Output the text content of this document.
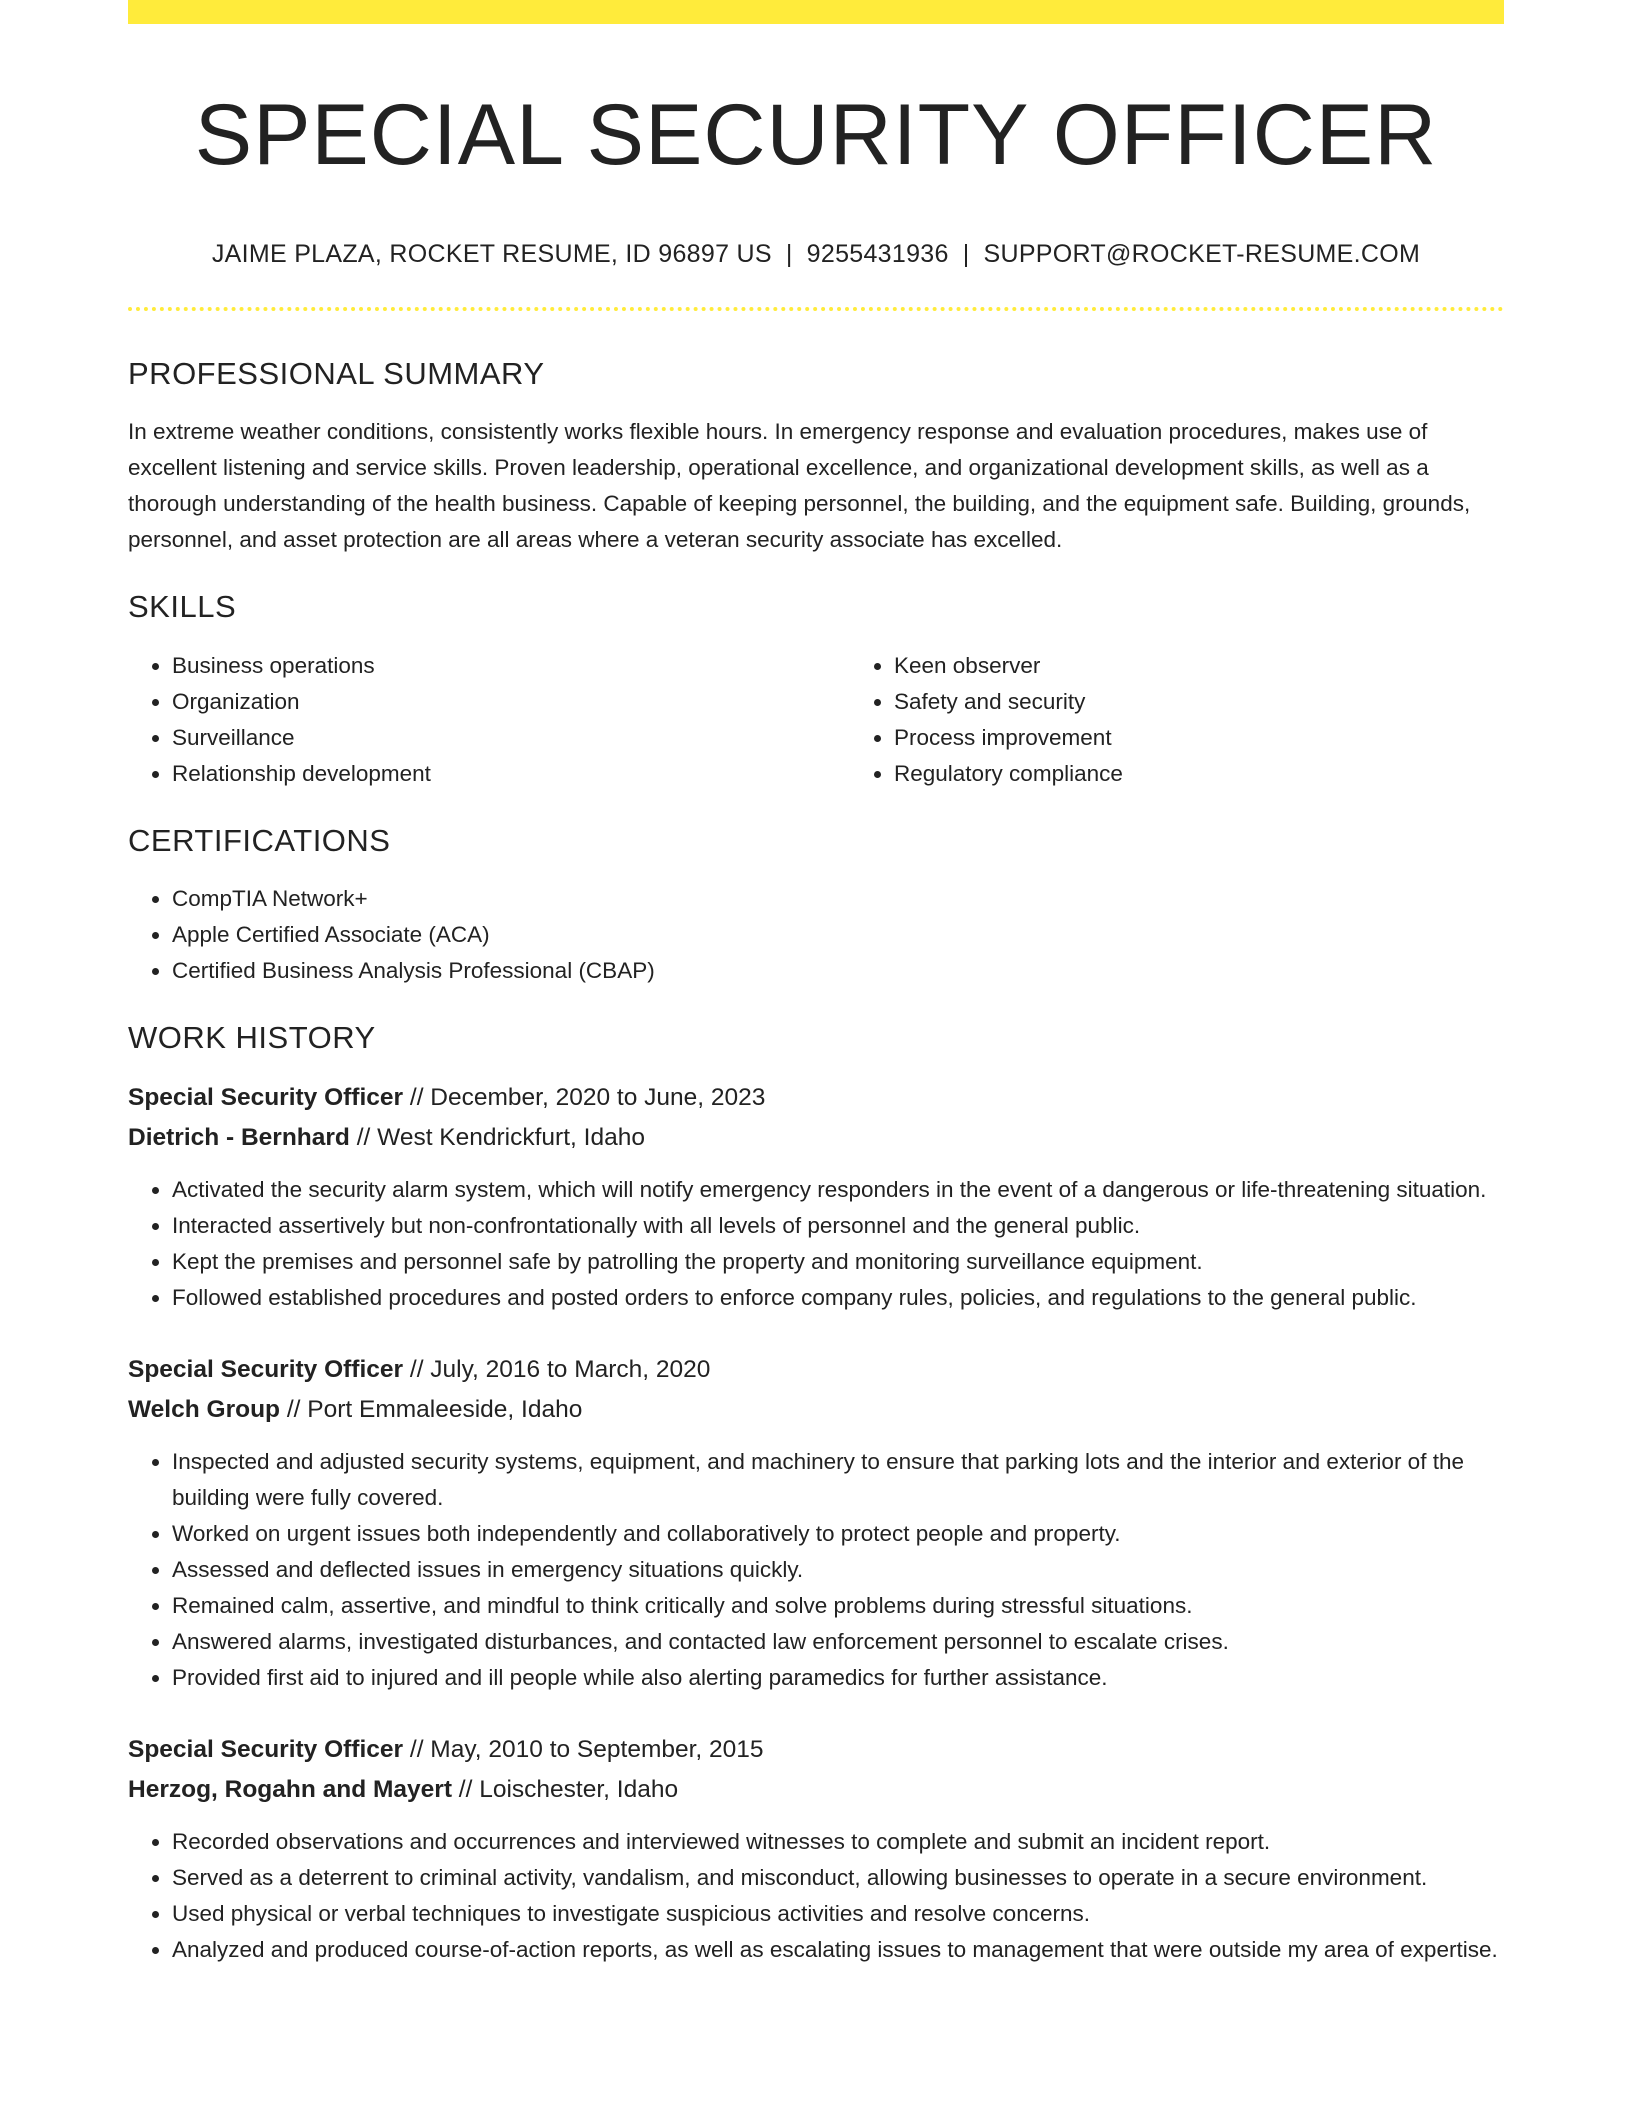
SPECIAL SECURITY OFFICER
JAIME PLAZA, ROCKET RESUME, ID 96897 US | 9255431936 | SUPPORT@ROCKET-RESUME.COM
PROFESSIONAL SUMMARY

In extreme weather conditions, consistently works flexible hours. In emergency response and evaluation procedures, makes use of excellent listening and service skills. Proven leadership, operational excellence, and organizational development skills, as well as a thorough understanding of the health business. Capable of keeping personnel, the building, and the equipment safe. Building, grounds, personnel, and asset protection are all areas where a veteran security associate has excelled.

SKILLS
• Business operations
• Organization
• Surveillance
• Relationship development
• Keen observer
• Safety and security
• Process improvement
• Regulatory compliance
CERTIFICATIONS
• CompTIA Network+
• Apple Certified Associate (ACA)
• Certified Business Analysis Professional (CBAP)
WORK HISTORY
Special Security Officer // December, 2020 to June, 2023
Dietrich - Bernhard // West Kendrickfurt, Idaho
• Activated the security alarm system, which will notify emergency responders in the event of a dangerous or life-threatening situation.
• Interacted assertively but non-confrontationally with all levels of personnel and the general public.
• Kept the premises and personnel safe by patrolling the property and monitoring surveillance equipment.
• Followed established procedures and posted orders to enforce company rules, policies, and regulations to the general public.
Special Security Officer // July, 2016 to March, 2020
Welch Group // Port Emmaleeside, Idaho
• Inspected and adjusted security systems, equipment, and machinery to ensure that parking lots and the interior and exterior of the building were fully covered.
• Worked on urgent issues both independently and collaboratively to protect people and property.
• Assessed and deflected issues in emergency situations quickly.
• Remained calm, assertive, and mindful to think critically and solve problems during stressful situations.
• Answered alarms, investigated disturbances, and contacted law enforcement personnel to escalate crises.
• Provided first aid to injured and ill people while also alerting paramedics for further assistance.
Special Security Officer // May, 2010 to September, 2015
Herzog, Rogahn and Mayert // Loischester, Idaho
• Recorded observations and occurrences and interviewed witnesses to complete and submit an incident report.
• Served as a deterrent to criminal activity, vandalism, and misconduct, allowing businesses to operate in a secure environment.
• Used physical or verbal techniques to investigate suspicious activities and resolve concerns.
• Analyzed and produced course-of-action reports, as well as escalating issues to management that were outside my area of expertise.
